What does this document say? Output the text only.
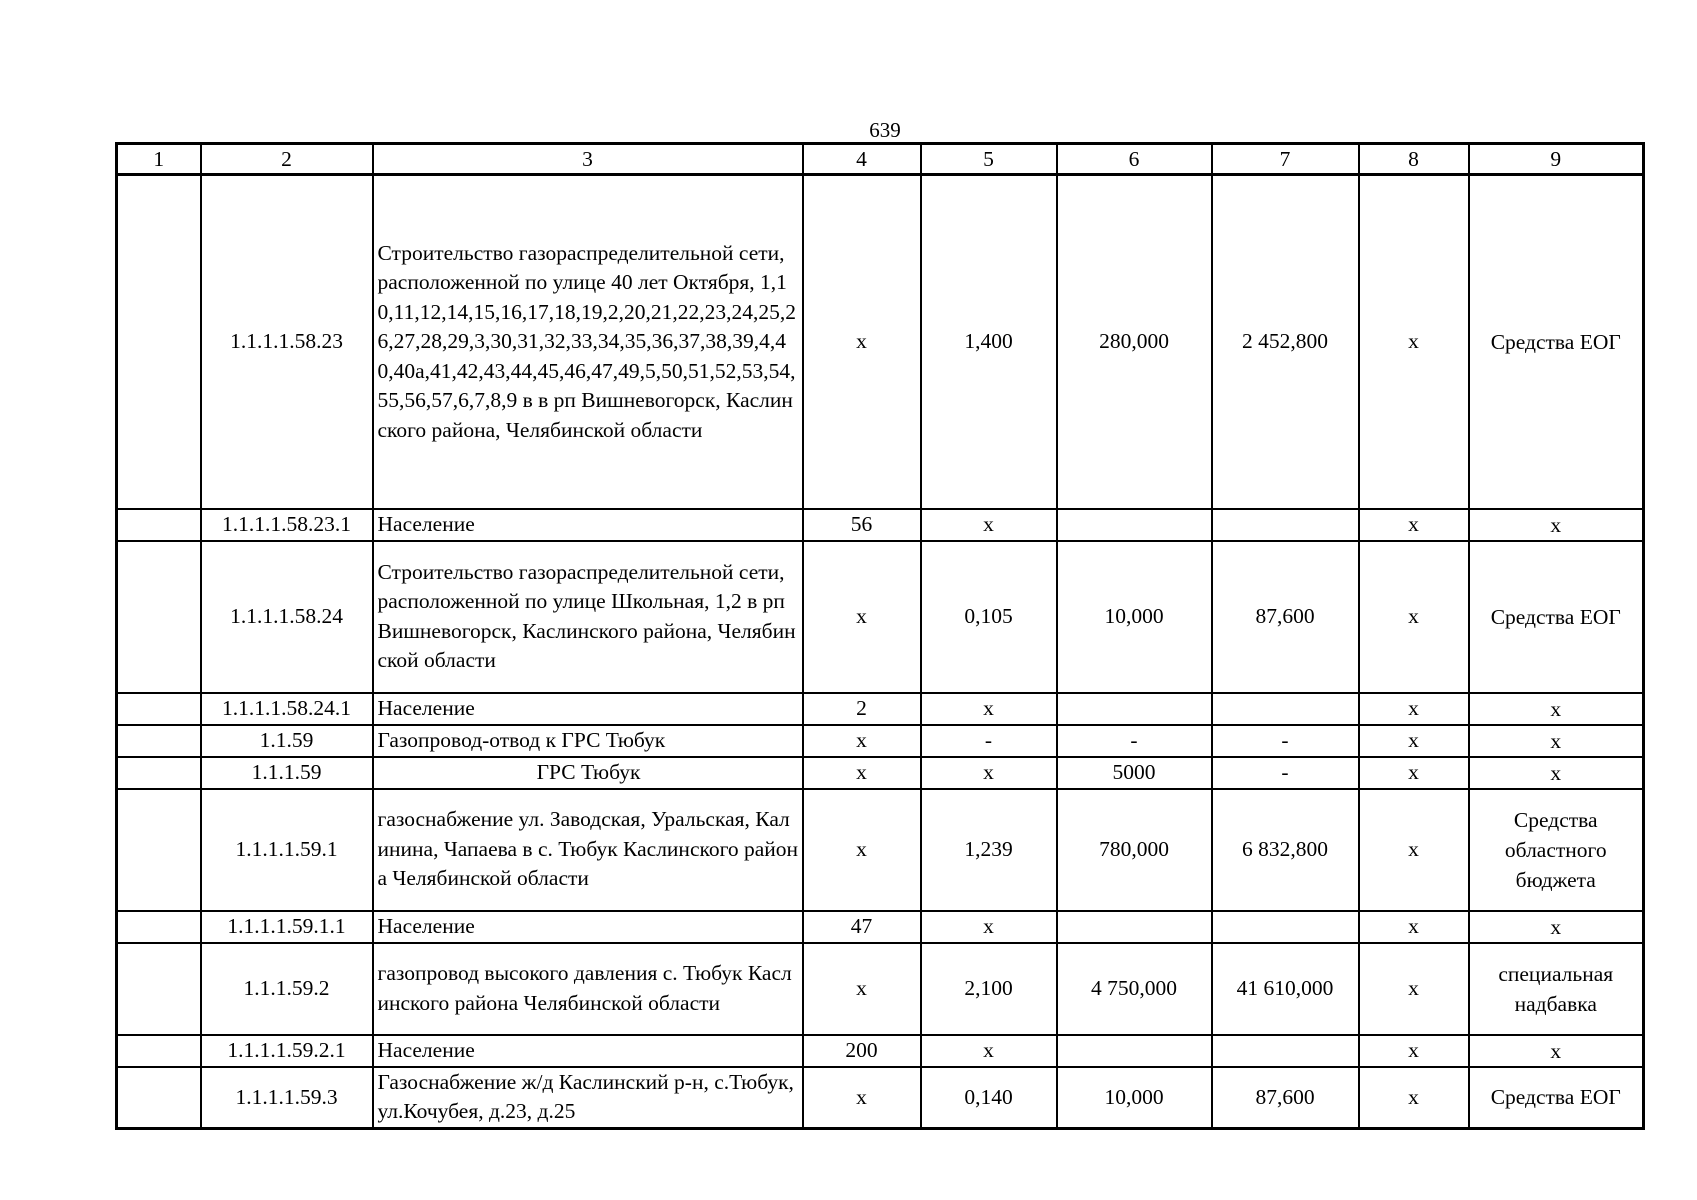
639
1	2	3	4	5	6	7	8	9
	1.1.1.1.58.23	Строительство газораспределительной сети, расположенной по улице 40 лет Октября, 1,10,11,12,14,15,16,17,18,19,2,20,21,22,23,24,25,26,27,28,29,3,30,31,32,33,34,35,36,37,38,39,4,40,40а,41,42,43,44,45,46,47,49,5,50,51,52,53,54,55,56,57,6,7,8,9 в в рп Вишневогорск, Каслинского района, Челябинской области	х	1,400	280,000	2 452,800	х	Средства ЕОГ
	1.1.1.1.58.23.1	Население	56	х			х	х
	1.1.1.1.58.24	Строительство газораспределительной сети, расположенной по улице Школьная, 1,2 в рп Вишневогорск, Каслинского района, Челябинской области	х	0,105	10,000	87,600	х	Средства ЕОГ
	1.1.1.1.58.24.1	Население	2	х			х	х
	1.1.59	Газопровод-отвод к ГРС Тюбук	х	-	-	-	х	х
	1.1.1.59	ГРС Тюбук	х	х	5000	-	х	х
	1.1.1.1.59.1	газоснабжение ул. Заводская, Уральская, Калинина, Чапаева в с. Тюбук Каслинского района Челябинской области	х	1,239	780,000	6 832,800	х	Средства областного бюджета
	1.1.1.1.59.1.1	Население	47	х			х	х
	1.1.1.59.2	газопровод высокого давления с. Тюбук Каслинского района Челябинской области	х	2,100	4 750,000	41 610,000	х	специальная надбавка
	1.1.1.1.59.2.1	Население	200	х			х	х
	1.1.1.1.59.3	Газоснабжение ж/д Каслинский р-н, с.Тюбук, ул.Кочубея, д.23, д.25	х	0,140	10,000	87,600	х	Средства ЕОГ
